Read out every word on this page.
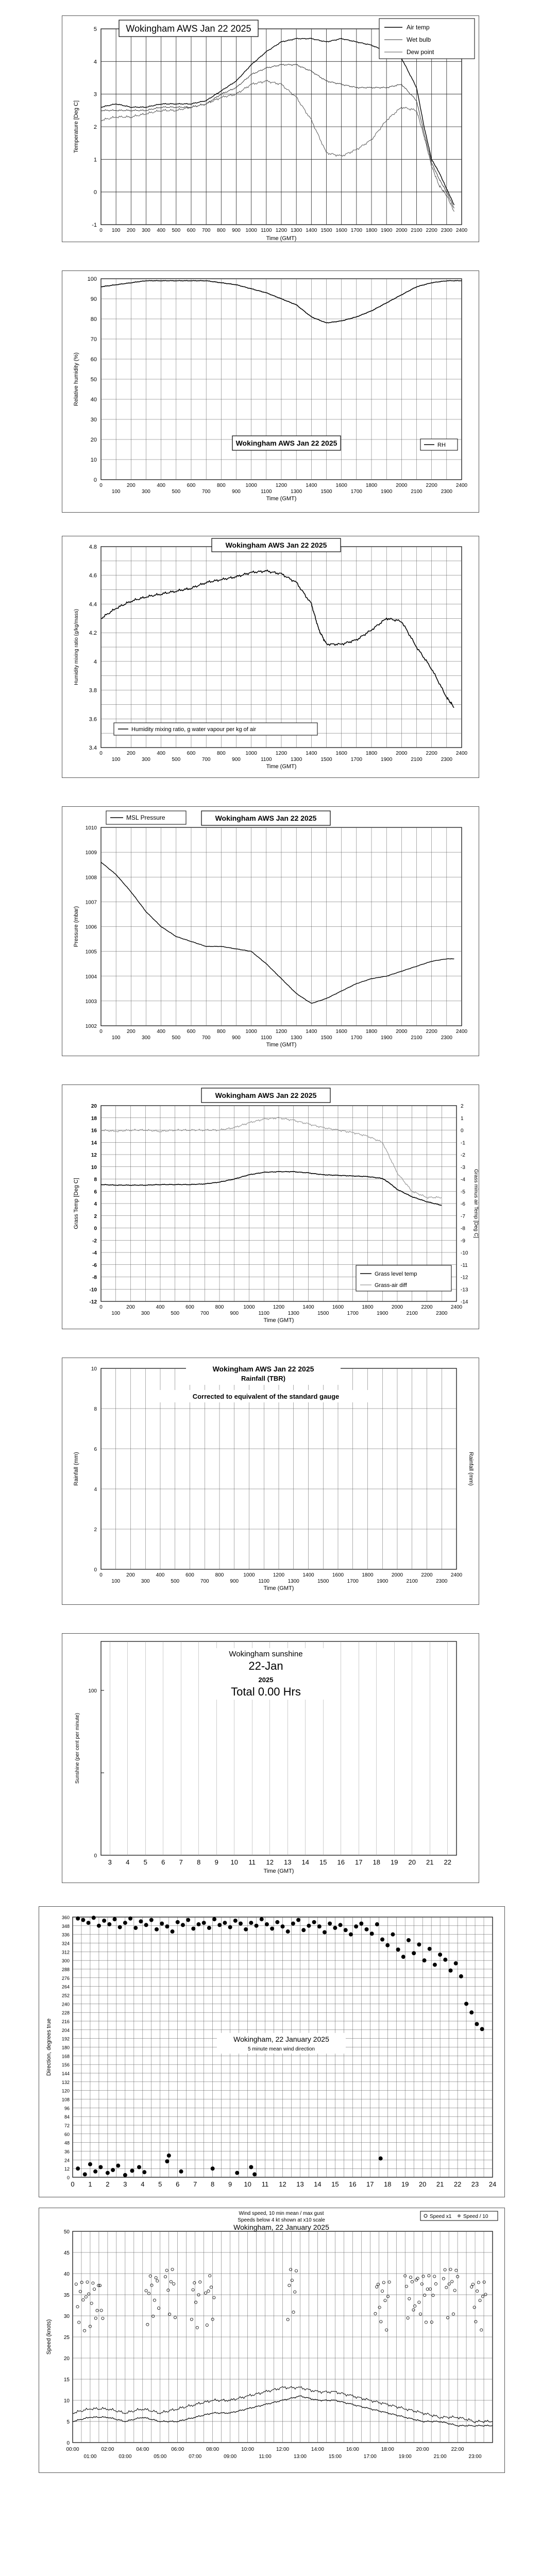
-1
0
1
2
3
4
5
0 100 200 300 400 500 600 700 800 900 1000 1100 1200 1300 1400 1500 1600 1700 1800 1900 2000 2100 2200 2300 2400
Time (GMT)
Temperature [Deg C]
Wokingham AWS Jan 22 2025	Air temp
Wet bulb
Dew point
0
10
20
30
40
50
60
70
80
90
100
0	200	400	600	800	1000	1200	1400	1600	1800	2000	2200	2400
100	300	500	700	900	1100	1300	1500	1700	1900	2100	2300
Time (GMT)
Relative humidity (%)
Wokingham AWS Jan 22 2025	RH
3.4
3.6
3.8
4
4.2
4.4
4.6
4.8
0	200	400	600	800	1000	1200	1400	1600	1800	2000	2200	2400
100	300	500	700	900	1100	1300	1500	1700	1900	2100	2300
Time (GMT)
Humidity mixing ratio (g/kg/mass)
Wokingham AWS Jan 22 2025
Humidity mixing ratio, g water vapour per kg of air
1002
1003
1004
1005
1006
1007
1008
1009
1010
0	200	400	600	800	1000	1200	1400	1600	1800	2000	2200	2400
100	300	500	700	900	1100	1300	1500	1700	1900	2100	2300
Time (GMT)
Pressure (mbar)
Wokingham AWS Jan 22 2025
MSL Pressure
20
18
16
14
12
10
8
6
4
2
0
-2
-4
-6
-8
-10
-12
2
1
0
-1
-2
-3
-4
-5
-6
-7
-8
-9
-10
-11
-12
-13
-14
0	200	400	600	800	1000	1200	1400	1600	1800	2000	2200	2400
100	300	500	700	900	1100	1300	1500	1700	1900	2100	2300
Time (GMT)
Grass Temp [Deg C]	Grass minus air Temp [Deg C]
Wokingham AWS Jan 22 2025
Grass level temp
Grass-air diff
0
2
4
6
8
10
0	200	400	600	800	1000	1200	1400	1600	1800	2000	2200	2400
100	300	500	700	900	1100	1300	1500	1700	1900	2100	2300
Time (GMT)
Rainfall (mm)	Rainfall (mm)
Wokingham AWS Jan 22 2025
Rainfall (TBR)
Corrected to equivalent of the standard gauge
3 4 5 6 7 8 9 10 11 12 13 14 15 16 17 18 19 20 21 22
0
100
Time (GMT)
Sunshine (per cent per minute)
Wokingham sunshine
22-Jan
2025
Total 0.00 Hrs
0
12
24
36
48
60
72
84
96
108
120
132
144
156
168
180
192
204
216
228
240
252
264
276
288
300
312
324
336
348
360
0 1 2 3 4 5 6 7 8 9 10 11 12 13 14 15 16 17 18 19 20 21 22 23 24
Direction, degrees true	Wokingham, 22 January 2025
5 minute mean wind direction
0
5
10
15
20
25
30
35
40
45
50
00:00	02:00	04:00	06:00	08:00	10:00	12:00	14:00	16:00	18:00	20:00	22:00
01:00	03:00	05:00	07:00	09:00	11:00	13:00	15:00	17:00	19:00	21:00	23:00
Speed (knots)
Wind speed, 10 min mean / max gust
Speeds below 4 kt shown at x10 scale
Wokingham, 22 January 2025
Speed x1 Speed / 10
